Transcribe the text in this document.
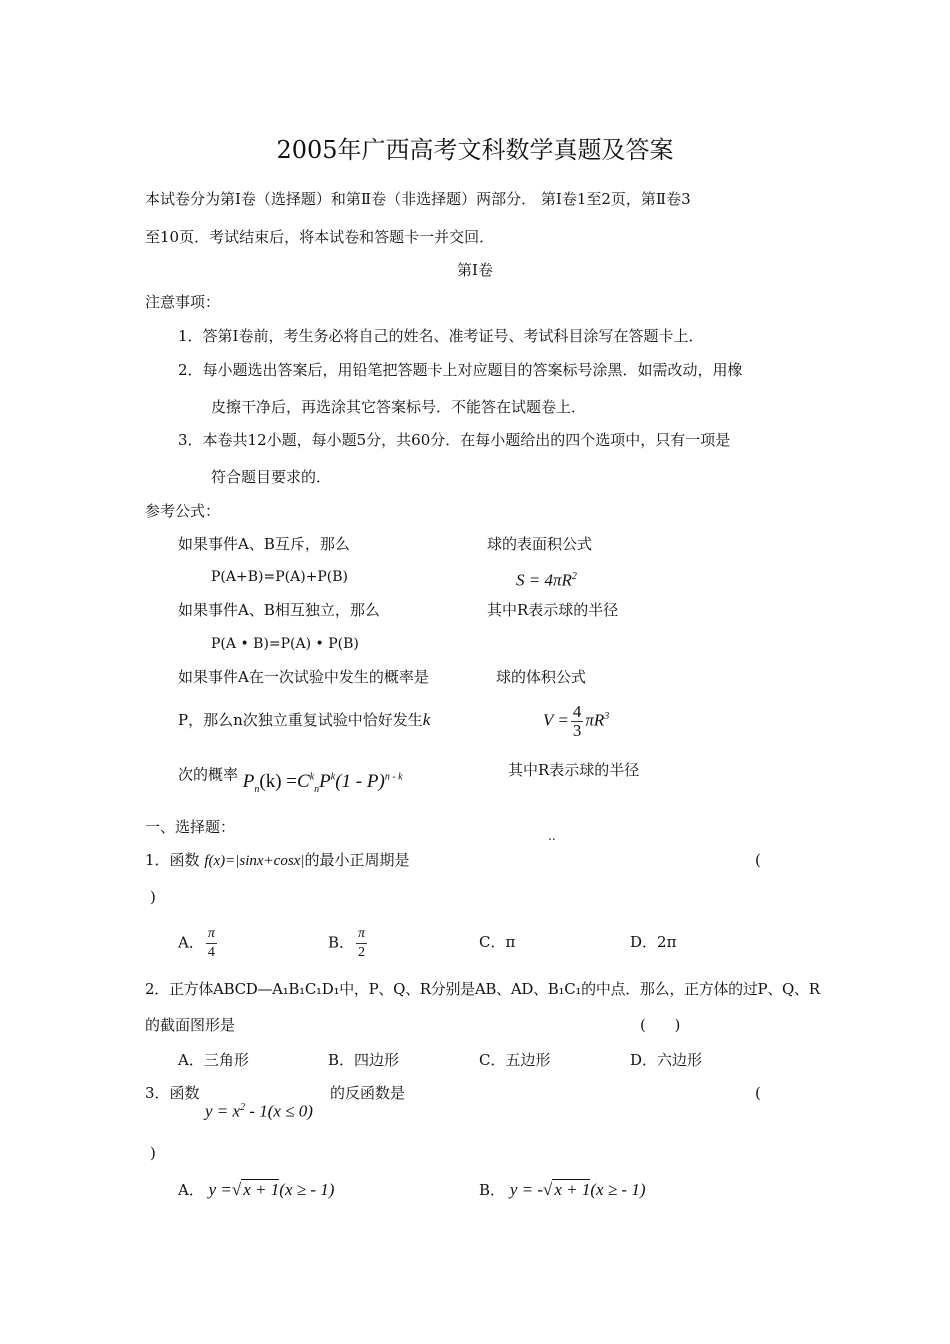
2005年广西高考文科数学真题及答案
本试卷分为第Ⅰ卷（选择题）和第Ⅱ卷（非选择题）两部分． 第Ⅰ卷1至2页，第Ⅱ卷3
至10页．考试结束后，将本试卷和答题卡一并交回．
第Ⅰ卷
注意事项：
1．答第Ⅰ卷前，考生务必将自己的姓名、准考证号、考试科目涂写在答题卡上．
2．每小题选出答案后，用铅笔把答题卡上对应题目的答案标号涂黑．如需改动，用橡
皮擦干净后，再选涂其它答案标号．不能答在试题卷上．
3．本卷共12小题，每小题5分，共60分．在每小题给出的四个选项中，只有一项是
符合题目要求的．
参考公式：
如果事件A、B互斥，那么
P(A+B)=P(A)+P(B)
如果事件A、B相互独立，那么
P(A • B)=P(A) • P(B)
如果事件A在一次试验中发生的概率是
P，那么n次独立重复试验中恰好发生k
次的概率 $P_n(k) =C^k_nP^k(1 - P)^{n - k}$
球的表面积公式
$S = 4\pi R^2$
其中R表示球的半径
球的体积公式
$V = \frac{4}{3} \pi R^3$
其中R表示球的半径
一、选择题：	..
1．函数 f(x)=|sinx+cosx|的最小正周期是	(
)
A． $\frac{\pi}{4}$	B． $\frac{\pi}{2}$	C．π	D．2π
2．正方体ABCD—A₁B₁C₁D₁中，P、Q、R分别是AB、AD、B₁C₁的中点．那么，正方体的过P、Q、R
的截面图形是	(      )
A．三角形	B．四边形	C．五边形	D．六边形
3．函数
$y = x^2 - 1(x \le 0)$
的反函数是	(
)
A． y =√ x + 1(x ≥ - 1)	B． y = -√ x + 1(x ≥ - 1)
